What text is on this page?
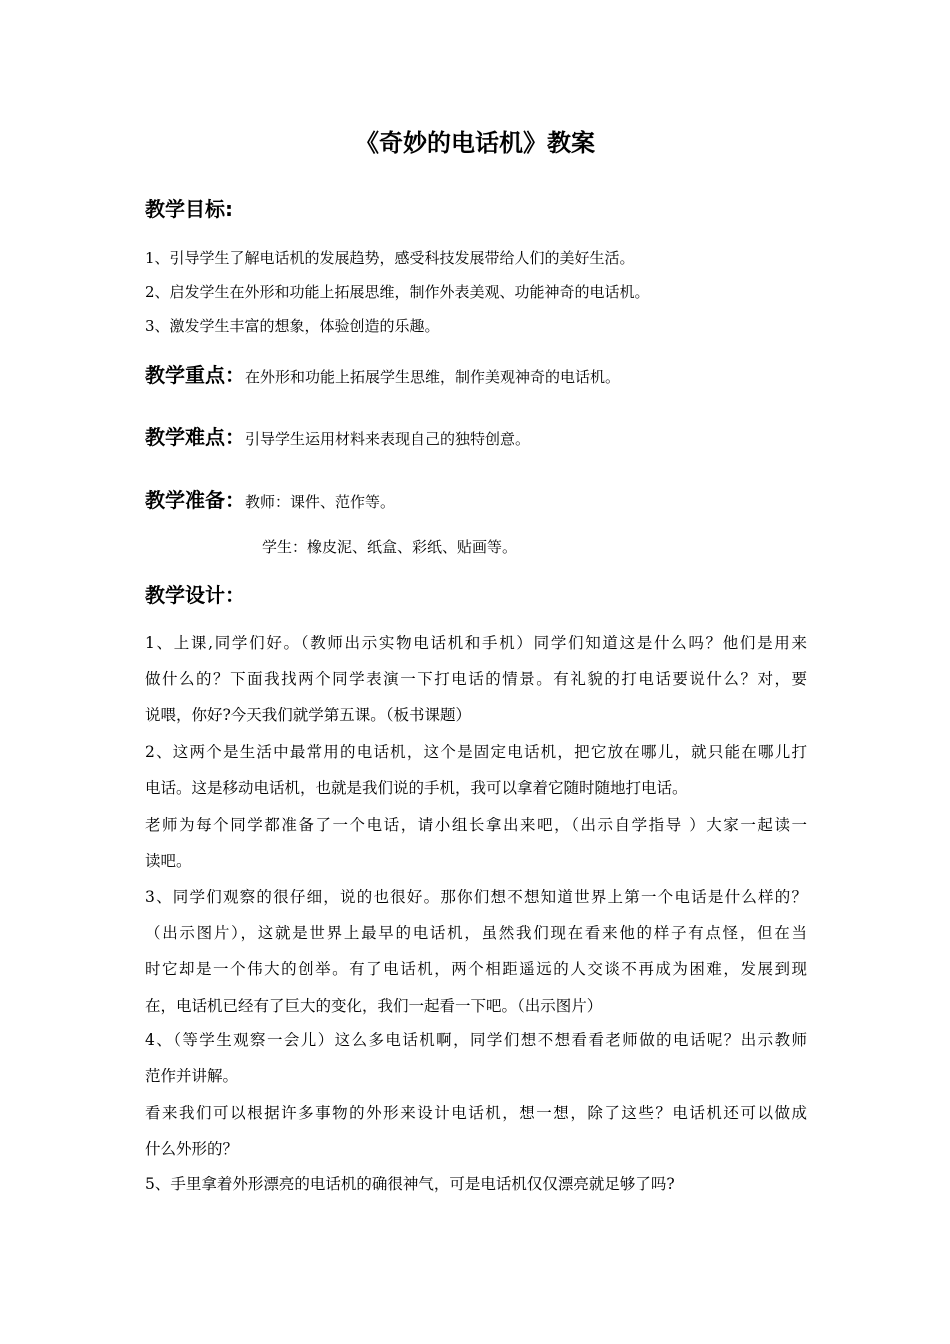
《奇妙的电话机》教案
教学目标:
1、引导学生了解电话机的发展趋势，感受科技发展带给人们的美好生活。
2、启发学生在外形和功能上拓展思维，制作外表美观、功能神奇的电话机。
3、激发学生丰富的想象，体验创造的乐趣。
教学重点：在外形和功能上拓展学生思维，制作美观神奇的电话机。
教学难点：引导学生运用材料来表现自己的独特创意。
教学准备：教师：课件、范作等。
学生：橡皮泥、纸盒、彩纸、贴画等。
教学设计：
1、上课,同学们好。（教师出示实物电话机和手机）同学们知道这是什么吗？他们是用来
做什么的？下面我找两个同学表演一下打电话的情景。有礼貌的打电话要说什么？对，要
说喂，你好?今天我们就学第五课。（板书课题）
2、这两个是生活中最常用的电话机，这个是固定电话机，把它放在哪儿，就只能在哪儿打
电话。这是移动电话机，也就是我们说的手机，我可以拿着它随时随地打电话。
老师为每个同学都准备了一个电话，请小组长拿出来吧，（出示自学指导 ）大家一起读一
读吧。
3、同学们观察的很仔细，说的也很好。那你们想不想知道世界上第一个电话是什么样的？
（出示图片），这就是世界上最早的电话机，虽然我们现在看来他的样子有点怪，但在当
时它却是一个伟大的创举。有了电话机，两个相距遥远的人交谈不再成为困难，发展到现
在，电话机已经有了巨大的变化，我们一起看一下吧。（出示图片）
4、（等学生观察一会儿）这么多电话机啊，同学们想不想看看老师做的电话呢？出示教师
范作并讲解。
看来我们可以根据许多事物的外形来设计电话机，想一想，除了这些？电话机还可以做成
什么外形的？
5、手里拿着外形漂亮的电话机的确很神气，可是电话机仅仅漂亮就足够了吗?
